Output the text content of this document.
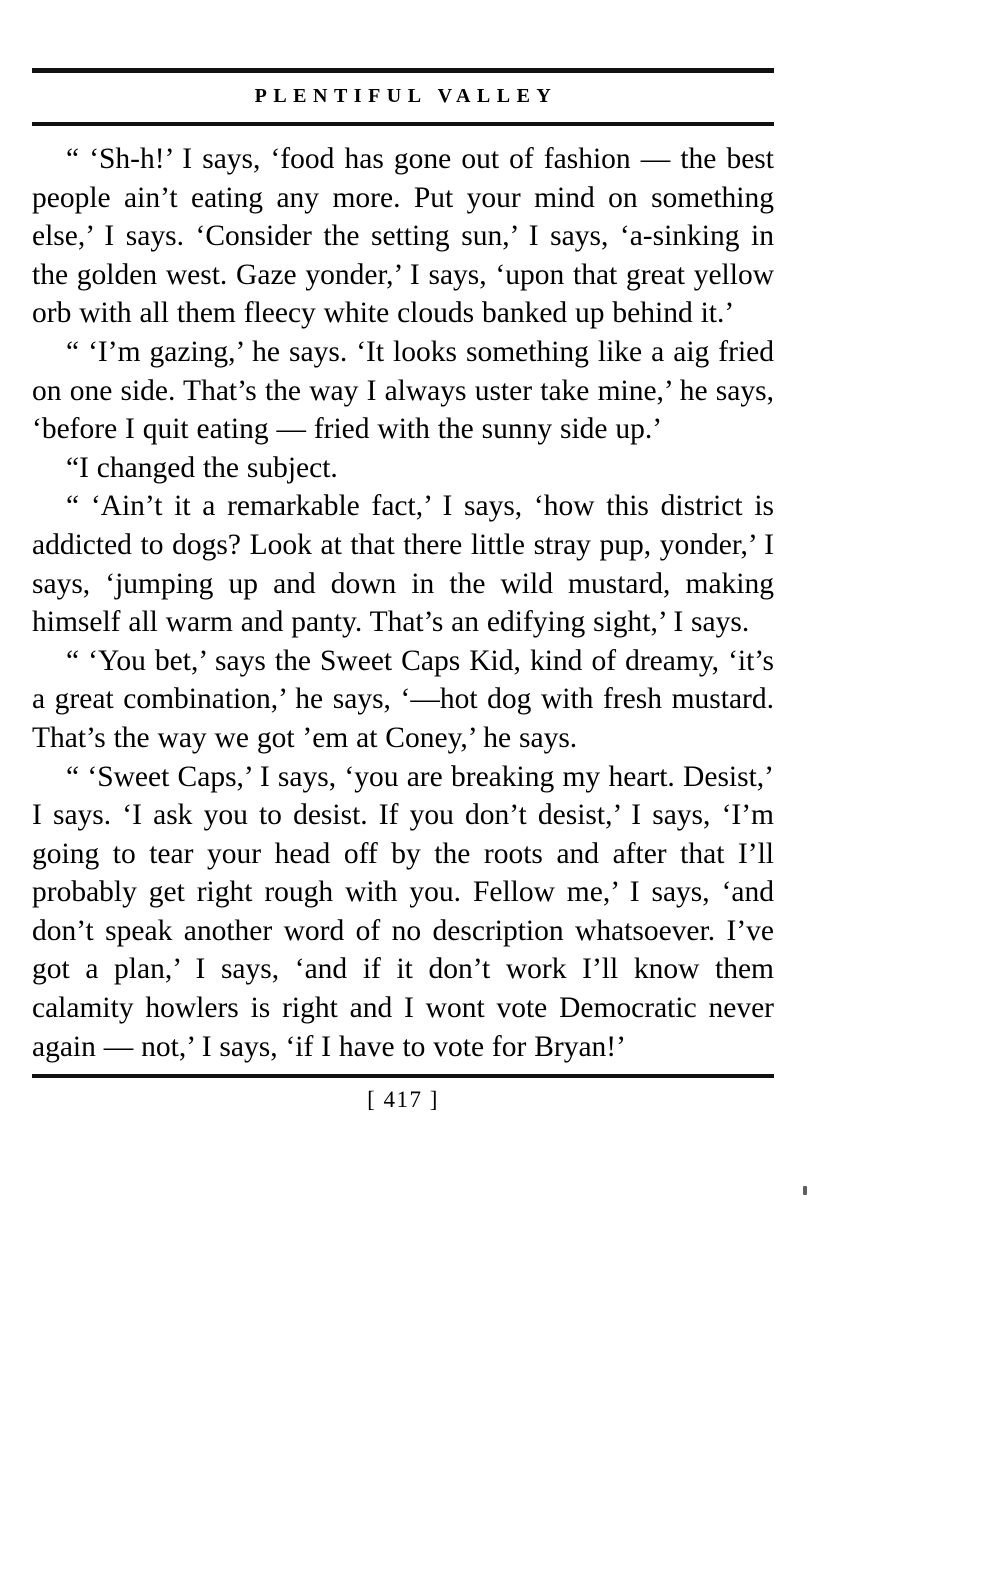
PLENTIFUL VALLEY

“ ‘Sh-h!’ I says, ‘food has gone out of fashion — the best people ain’t eating any more. Put your mind on something else,’ I says. ‘Consider the setting sun,’ I says, ‘a-sinking in the golden west. Gaze yonder,’ I says, ‘upon that great yellow orb with all them fleecy white clouds banked up behind it.’

“ ‘I’m gazing,’ he says. ‘It looks something like a aig fried on one side. That’s the way I always uster take mine,’ he says, ‘before I quit eating — fried with the sunny side up.’

“I changed the subject.

“ ‘Ain’t it a remarkable fact,’ I says, ‘how this district is addicted to dogs? Look at that there little stray pup, yonder,’ I says, ‘jumping up and down in the wild mustard, making himself all warm and panty. That’s an edifying sight,’ I says.

“ ‘You bet,’ says the Sweet Caps Kid, kind of dreamy, ‘it’s a great combination,’ he says, ‘—hot dog with fresh mustard. That’s the way we got ’em at Coney,’ he says.

“ ‘Sweet Caps,’ I says, ‘you are breaking my heart. Desist,’ I says. ‘I ask you to desist. If you don’t desist,’ I says, ‘I’m going to tear your head off by the roots and after that I’ll probably get right rough with you. Fellow me,’ I says, ‘and don’t speak another word of no description whatsoever. I’ve got a plan,’ I says, ‘and if it don’t work I’ll know them calamity howlers is right and I wont vote Democratic never again — not,’ I says, ‘if I have to vote for Bryan!’

[ 417 ]
